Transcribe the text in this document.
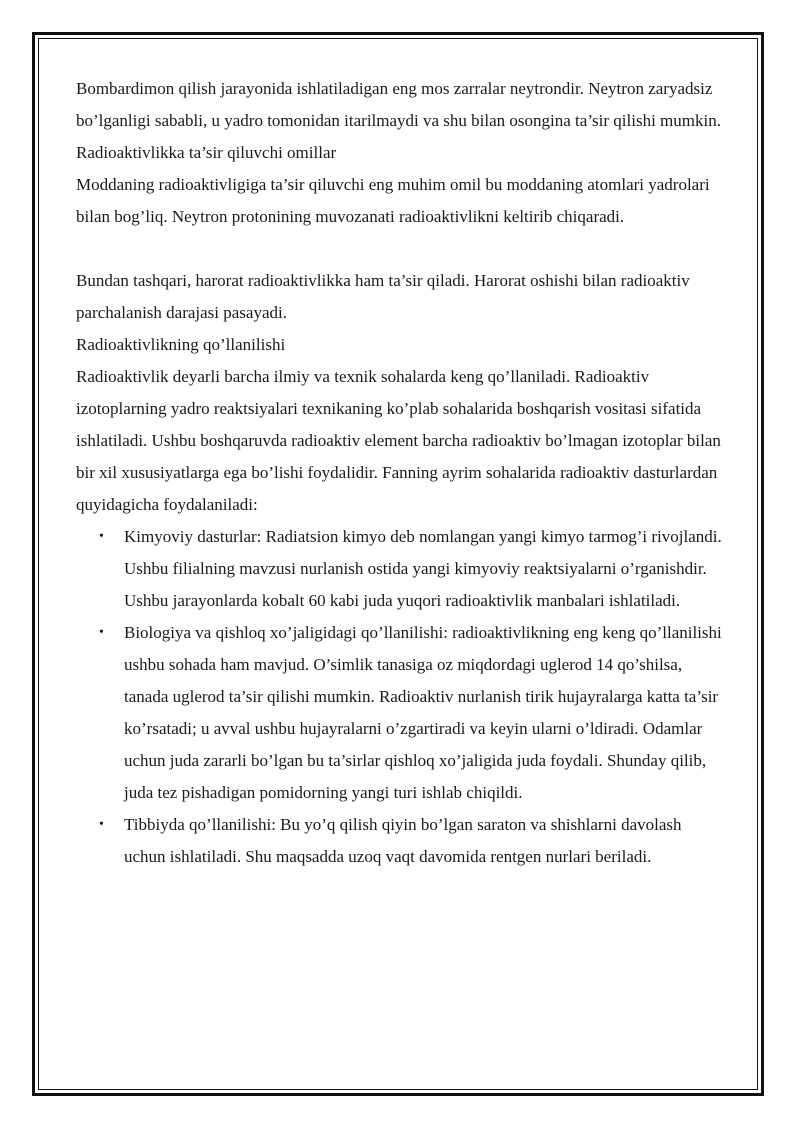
Bombardimon qilish jarayonida ishlatiladigan eng mos zarralar neytrondir. Neytron zaryadsiz bo’lganligi sababli, u yadro tomonidan itarilmaydi va shu bilan osongina ta’sir qilishi mumkin.

Radioaktivlikka ta’sir qiluvchi omillar

Moddaning radioaktivligiga ta’sir qiluvchi eng muhim omil bu moddaning atomlari yadrolari bilan bog’liq. Neytron protonining muvozanati radioaktivlikni keltirib chiqaradi.

Bundan tashqari, harorat radioaktivlikka ham ta’sir qiladi. Harorat oshishi bilan radioaktiv parchalanish darajasi pasayadi.

Radioaktivlikning qo’llanilishi

Radioaktivlik deyarli barcha ilmiy va texnik sohalarda keng qo’llaniladi. Radioaktiv izotoplarning yadro reaktsiyalari texnikaning ko’plab sohalarida boshqarish vositasi sifatida ishlatiladi. Ushbu boshqaruvda radioaktiv element barcha radioaktiv bo’lmagan izotoplar bilan bir xil xususiyatlarga ega bo’lishi foydalidir. Fanning ayrim sohalarida radioaktiv dasturlardan quyidagicha foydalaniladi:

• Kimyoviy dasturlar: Radiatsion kimyo deb nomlangan yangi kimyo tarmog’i rivojlandi. Ushbu filialning mavzusi nurlanish ostida yangi kimyoviy reaktsiyalarni o’rganishdir. Ushbu jarayonlarda kobalt 60 kabi juda yuqori radioaktivlik manbalari ishlatiladi.
• Biologiya va qishloq xo’jaligidagi qo’llanilishi: radioaktivlikning eng keng qo’llanilishi ushbu sohada ham mavjud. O’simlik tanasiga oz miqdordagi uglerod 14 qo’shilsa, tanada uglerod ta’sir qilishi mumkin. Radioaktiv nurlanish tirik hujayralarga katta ta’sir ko’rsatadi; u avval ushbu hujayralarni o’zgartiradi va keyin ularni o’ldiradi. Odamlar uchun juda zararli bo’lgan bu ta’sirlar qishloq xo’jaligida juda foydali. Shunday qilib, juda tez pishadigan pomidorning yangi turi ishlab chiqildi.
• Tibbiyda qo’llanilishi: Bu yo’q qilish qiyin bo’lgan saraton va shishlarni davolash uchun ishlatiladi. Shu maqsadda uzoq vaqt davomida rentgen nurlari beriladi.
